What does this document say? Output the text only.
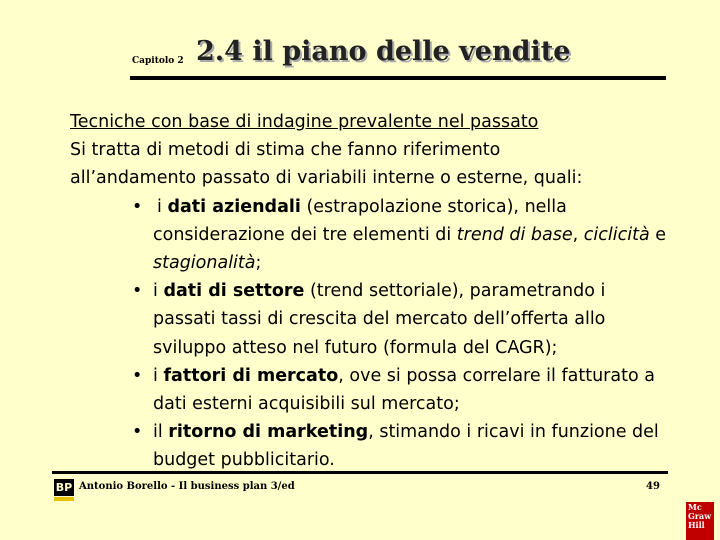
Capitolo 2 2.4 il piano delle vendite

Tecniche con base di indagine prevalente nel passato

Si tratta di metodi di stima che fanno riferimento

all’andamento passato di variabili interne o esterne, quali:

• i dati aziendali (estrapolazione storica), nella considerazione dei tre elementi di trend di base, ciclicità e stagionalità;
• i dati di settore (trend settoriale), parametrando i passati tassi di crescita del mercato dell’offerta allo sviluppo atteso nel futuro (formula del CAGR);
• i fattori di mercato, ove si possa correlare il fatturato a dati esterni acquisibili sul mercato;
• il ritorno di marketing, stimando i ricavi in funzione del budget pubblicitario.
BP Antonio Borello - Il business plan 3/ed	49
Mc
Graw
Hill
